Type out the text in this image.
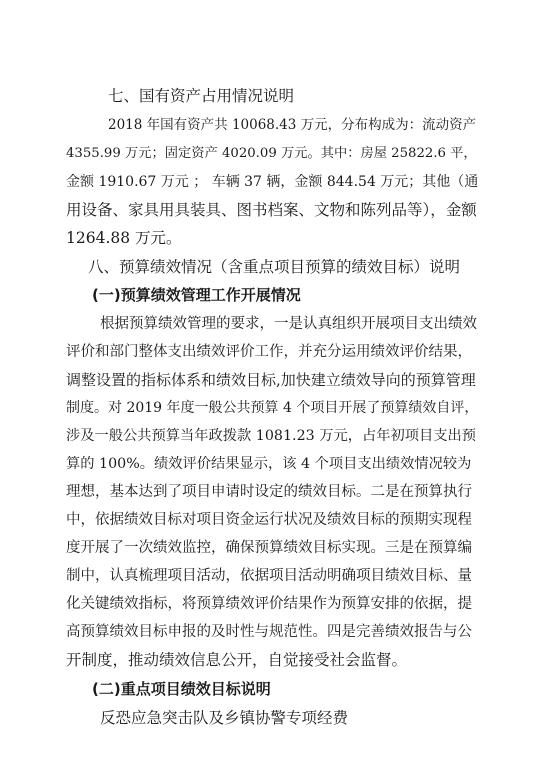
七、国有资产占用情况说明
2018 年国有资产共 10068.43 万元，分布构成为：流动资产
4355.99 万元；固定资产 4020.09 万元。其中：房屋 25822.6 平，
金额 1910.67 万元 ； 车辆 37 辆，金额 844.54 万元；其他（通
用设备、家具用具装具、图书档案、文物和陈列品等），金额
1264.88 万元。
八、预算绩效情况（含重点项目预算的绩效目标）说明
(一)预算绩效管理工作开展情况
根据预算绩效管理的要求，一是认真组织开展项目支出绩效
评价和部门整体支出绩效评价工作，并充分运用绩效评价结果，
调整设置的指标体系和绩效目标,加快建立绩效导向的预算管理
制度。对 2019 年度一般公共预算 4 个项目开展了预算绩效自评，
涉及一般公共预算当年政拨款 1081.23 万元，占年初项目支出预
算的 100%。绩效评价结果显示，该 4 个项目支出绩效情况较为
理想，基本达到了项目申请时设定的绩效目标。二是在预算执行
中，依据绩效目标对项目资金运行状况及绩效目标的预期实现程
度开展了一次绩效监控，确保预算绩效目标实现。三是在预算编
制中，认真梳理项目活动，依据项目活动明确项目绩效目标、量
化关键绩效指标，将预算绩效评价结果作为预算安排的依据，提
高预算绩效目标申报的及时性与规范性。四是完善绩效报告与公
开制度，推动绩效信息公开，自觉接受社会监督。
(二)重点项目绩效目标说明
反恐应急突击队及乡镇协警专项经费
